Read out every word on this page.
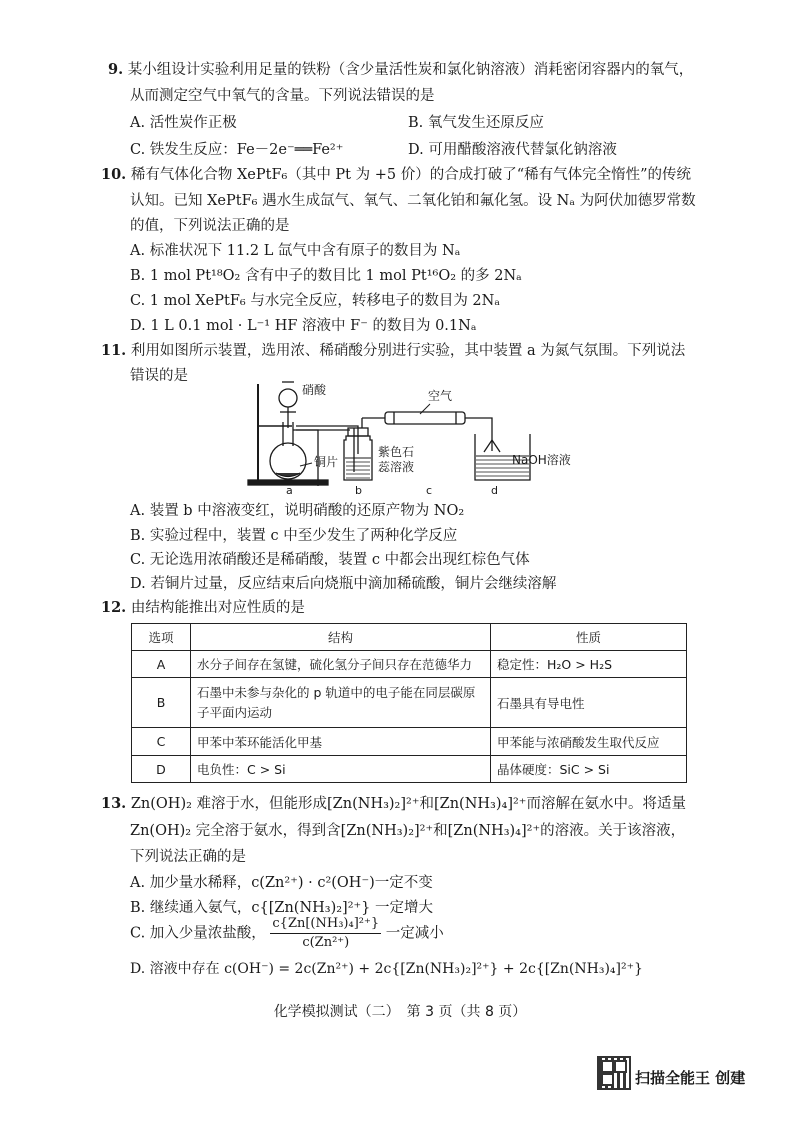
9. 某小组设计实验利用足量的铁粉（含少量活性炭和氯化钠溶液）消耗密闭容器内的氧气，
从而测定空气中氧气的含量。下列说法错误的是
A. 活性炭作正极	B. 氧气发生还原反应
C. 铁发生反应：Fe－2e⁻══Fe²⁺	D. 可用醋酸溶液代替氯化钠溶液
10. 稀有气体化合物 XePtF₆（其中 Pt 为 +5 价）的合成打破了“稀有气体完全惰性”的传统
认知。已知 XePtF₆ 遇水生成氙气、氧气、二氧化铂和氟化氢。设 Nₐ 为阿伏加德罗常数
的值，下列说法正确的是
A. 标准状况下 11.2 L 氙气中含有原子的数目为 Nₐ
B. 1 mol Pt¹⁸O₂ 含有中子的数目比 1 mol Pt¹⁶O₂ 的多 2Nₐ
C. 1 mol XePtF₆ 与水完全反应，转移电子的数目为 2Nₐ
D. 1 L 0.1 mol · L⁻¹ HF 溶液中 F⁻ 的数目为 0.1Nₐ
11. 利用如图所示装置，选用浓、稀硝酸分别进行实验，其中装置 a 为氮气氛围。下列说法
错误的是
硝酸
铜片
空气
紫色石
蕊溶液	NaOH溶液
a	b	c	d
A. 装置 b 中溶液变红，说明硝酸的还原产物为 NO₂
B. 实验过程中，装置 c 中至少发生了两种化学反应
C. 无论选用浓硝酸还是稀硝酸，装置 c 中都会出现红棕色气体
D. 若铜片过量，反应结束后向烧瓶中滴加稀硫酸，铜片会继续溶解
12. 由结构能推出对应性质的是
选项	结构	性质
A	水分子间存在氢键，硫化氢分子间只存在范德华力	稳定性：H₂O > H₂S
B	石墨中未参与杂化的 p 轨道中的电子能在同层碳原子平面内运动	石墨具有导电性
C	甲苯中苯环能活化甲基	甲苯能与浓硝酸发生取代反应
D	电负性：C > Si	晶体硬度：SiC > Si
13. Zn(OH)₂ 难溶于水，但能形成[Zn(NH₃)₂]²⁺和[Zn(NH₃)₄]²⁺而溶解在氨水中。将适量
Zn(OH)₂ 完全溶于氨水，得到含[Zn(NH₃)₂]²⁺和[Zn(NH₃)₄]²⁺的溶液。关于该溶液，
下列说法正确的是
A. 加少量水稀释，c(Zn²⁺) · c²(OH⁻)一定不变
B. 继续通入氨气，c{[Zn(NH₃)₂]²⁺} 一定增大
C. 加入少量浓盐酸， $\frac{\text{c\{Zn[(NH₃)₄]²⁺\}}}{\text{c(Zn²⁺)}}$ 一定减小
D. 溶液中存在 c(OH⁻) = 2c(Zn²⁺) + 2c{[Zn(NH₃)₂]²⁺} + 2c{[Zn(NH₃)₄]²⁺}
化学模拟测试（二）　第 3 页（共 8 页）
扫描全能王 创建
